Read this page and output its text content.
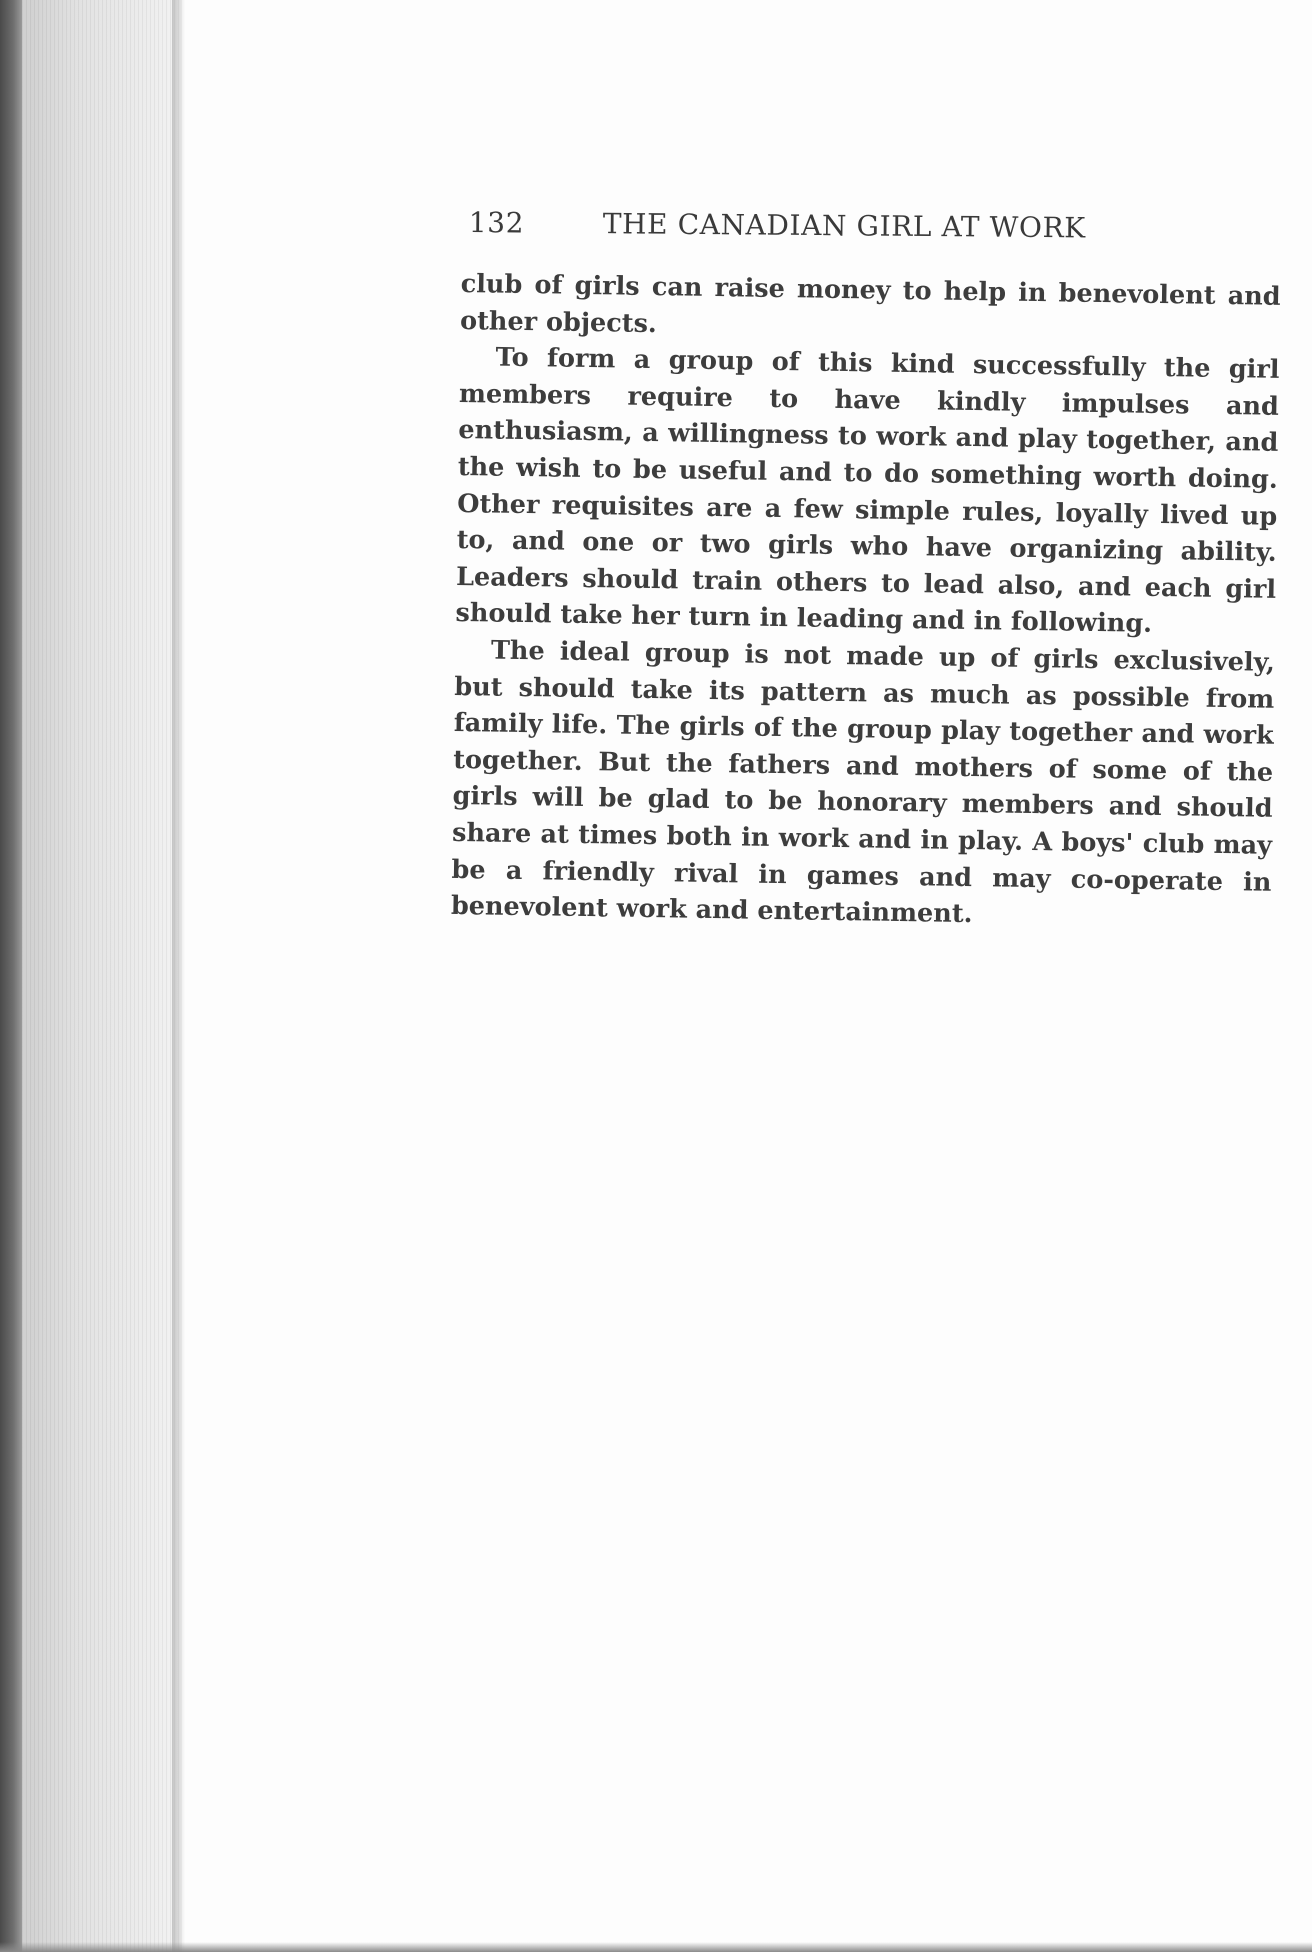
132	THE CANADIAN GIRL AT WORK

club of girls can raise money to help in benevolent and other objects.

To form a group of this kind successfully the girl members require to have kindly impulses and enthusiasm, a willingness to work and play together, and the wish to be useful and to do something worth doing. Other requisites are a few simple rules, loyally lived up to, and one or two girls who have organizing ability. Leaders should train others to lead also, and each girl should take her turn in leading and in following.

The ideal group is not made up of girls exclusively, but should take its pattern as much as possible from family life. The girls of the group play together and work together. But the fathers and mothers of some of the girls will be glad to be honorary members and should share at times both in work and in play. A boys' club may be a friendly rival in games and may co-operate in benevolent work and entertainment.
